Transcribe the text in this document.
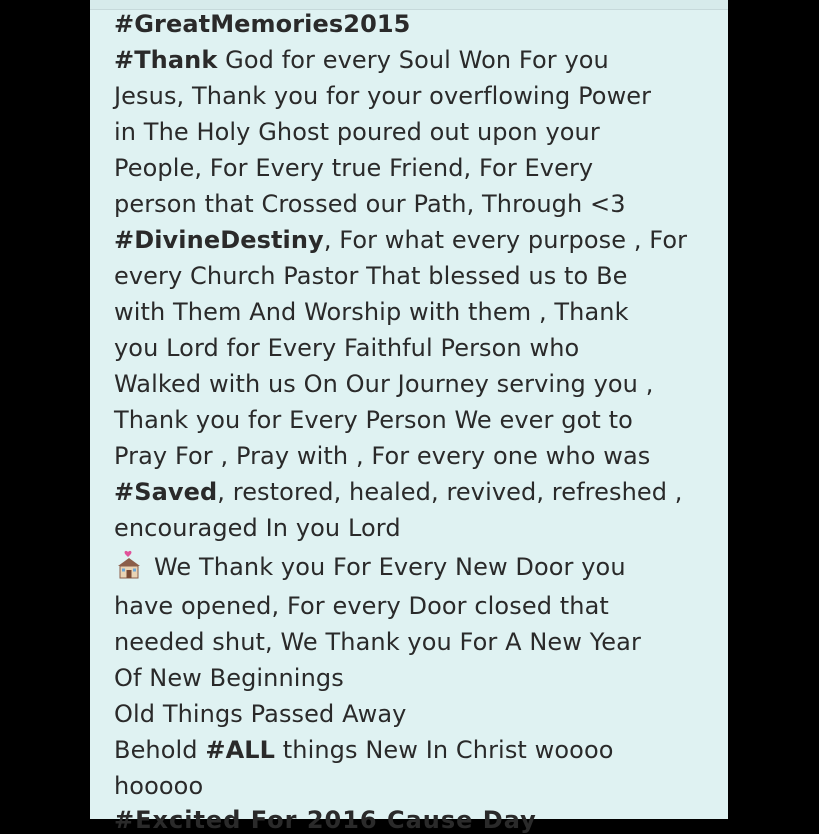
#GreatMemories2015
#Thank God for every Soul Won For you
Jesus, Thank you for your overflowing Power
in The Holy Ghost poured out upon your
People, For Every true Friend, For Every
person that Crossed our Path, Through <3
#DivineDestiny, For what every purpose , For
every Church Pastor That blessed us to Be
with Them And Worship with them , Thank
you Lord for Every Faithful Person who
Walked with us On Our Journey serving you ,
Thank you for Every Person We ever got to
Pray For , Pray with , For every one who was
#Saved, restored, healed, revived, refreshed ,
encouraged In you Lord
We Thank you For Every New Door you
have opened, For every Door closed that
needed shut, We Thank you For A New Year
Of New Beginnings
Old Things Passed Away
Behold #ALL things New In Christ woooo
hooooo
#Excited For 2016 Cause Day
